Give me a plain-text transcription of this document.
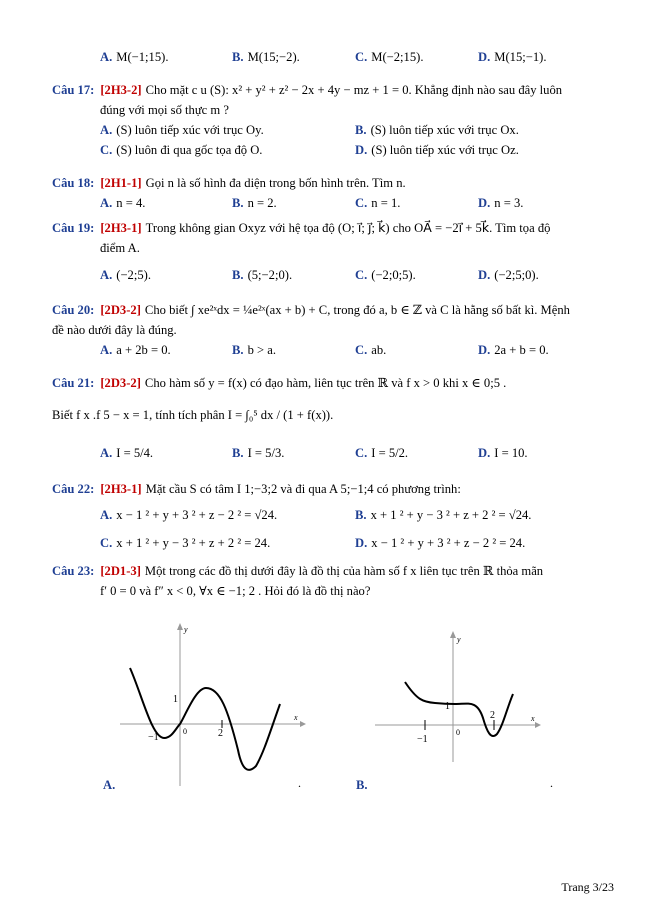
A. M(−1;15).	B. M(15;−2).	C. M(−2;15).	D. M(15;−1).
Câu 17: [2H3-2] Cho mặt c u (S): x² + y² + z² − 2x + 4y − mz + 1 = 0. Khẳng định nào sau đây luôn
đúng với mọi số thực m ?
A. (S) luôn tiếp xúc với trục Oy.	B. (S) luôn tiếp xúc với trục Ox.
C. (S) luôn đi qua gốc tọa độ O.	D. (S) luôn tiếp xúc với trục Oz.
Câu 18: [2H1-1] Gọi n là số hình đa diện trong bốn hình trên. Tìm n.
A. n = 4.	B. n = 2.	C. n = 1.	D. n = 3.
Câu 19: [2H3-1] Trong không gian Oxyz với hệ tọa độ (O; i⃗; j⃗; k⃗) cho OA⃗ = −2i⃗ + 5k⃗. Tìm tọa độ
điểm A.
A. (−2;5).	B. (5;−2;0).	C. (−2;0;5).	D. (−2;5;0).
Câu 20: [2D3-2] Cho biết ∫ xe²ˣdx = ¼e²ˣ(ax + b) + C, trong đó a, b ∈ ℤ và C là hằng số bất kì. Mệnh
đề nào dưới đây là đúng.
A. a + 2b = 0.	B. b > a.	C. ab.	D. 2a + b = 0.
Câu 21: [2D3-2] Cho hàm số y = f(x) có đạo hàm, liên tục trên ℝ và f x > 0 khi x ∈ 0;5 .
Biết f x .f 5 − x = 1, tính tích phân I = ∫₀⁵ dx / (1 + f(x)).
A. I = 5/4.	B. I = 5/3.	C. I = 5/2.	D. I = 10.
Câu 22: [2H3-1] Mặt cầu S có tâm I 1;−3;2 và đi qua A 5;−1;4 có phương trình:
A. x − 1 ² + y + 3 ² + z − 2 ² = √24.	B. x + 1 ² + y − 3 ² + z + 2 ² = √24.
C. x + 1 ² + y − 3 ² + z + 2 ² = 24.	D. x − 1 ² + y + 3 ² + z − 2 ² = 24.
Câu 23: [2D1-3] Một trong các đồ thị dưới đây là đồ thị của hàm số f x liên tục trên ℝ thỏa mãn
f′ 0 = 0 và f″ x < 0, ∀x ∈ −1; 2 . Hỏi đó là đồ thị nào?
y
x
0
−1	2
1
A.	.
y
x
0
−1
2
1
B.	.
Trang 3/23
